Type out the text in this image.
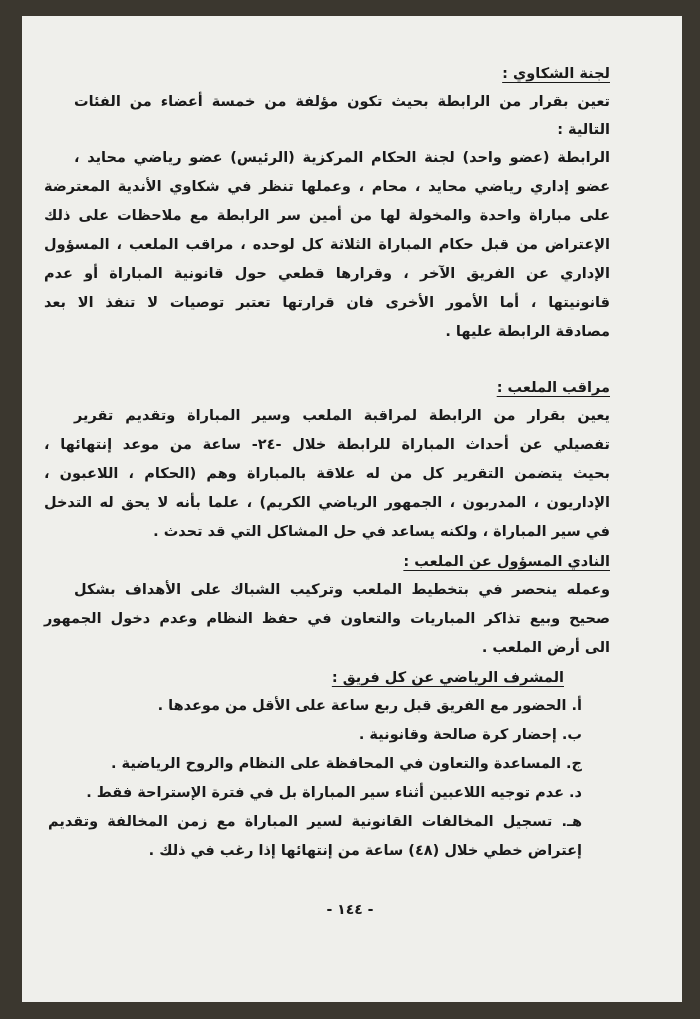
لجنة الشكاوي :
تعين بقرار من الرابطة بحيث تكون مؤلفة من خمسة أعضاء من الفئات
التالية :
الرابطة (عضو واحد) لجنة الحكام المركزية (الرئيس) عضو رياضي محايد ،
عضو إداري رياضي محايد ، محام ، وعملها تنظر في شكاوي الأندية المعترضة
على مباراة واحدة والمخولة لها من أمين سر الرابطة مع ملاحظات على ذلك
الإعتراض من قبل حكام المباراة الثلاثة كل لوحده ، مراقب الملعب ، المسؤول
الإداري عن الفريق الآخر ، وقرارها قطعي حول قانونية المباراة أو عدم
قانونيتها ، أما الأمور الأخرى فان قرارتها تعتبر توصيات لا تنفذ الا بعد
مصادقة الرابطة عليها .
مراقب الملعب :
يعين بقرار من الرابطة لمراقبة الملعب وسير المباراة وتقديم تقرير
تفصيلي عن أحداث المباراة للرابطة خلال -٢٤- ساعة من موعد إنتهائها ،
بحيث يتضمن التقرير كل من له علاقة بالمباراة وهم (الحكام ، اللاعبون ،
الإداريون ، المدربون ، الجمهور الرياضي الكريم) ، علما بأنه لا يحق له التدخل
في سير المباراة ، ولكنه يساعد في حل المشاكل التي قد تحدث .
النادي المسؤول عن الملعب :
وعمله ينحصر في بتخطيط الملعب وتركيب الشباك على الأهداف بشكل
صحيح وبيع تذاكر المباريات والتعاون في حفظ النظام وعدم دخول الجمهور
الى أرض الملعب .
المشرف الرياضي عن كل فريق :
أ. الحضور مع الفريق قبل ربع ساعة على الأقل من موعدها .
ب. إحضار كرة صالحة وقانونية .
ج. المساعدة والتعاون في المحافظة على النظام والروح الرياضية .
د. عدم توجيه اللاعبين أثناء سير المباراة بل في فترة الإستراحة فقط .
هـ. تسجيل المخالفات القانونية لسير المباراة مع زمن المخالفة وتقديم
إعتراض خطي خلال (٤٨) ساعة من إنتهائها إذا رغب في ذلك .
- ١٤٤ -
